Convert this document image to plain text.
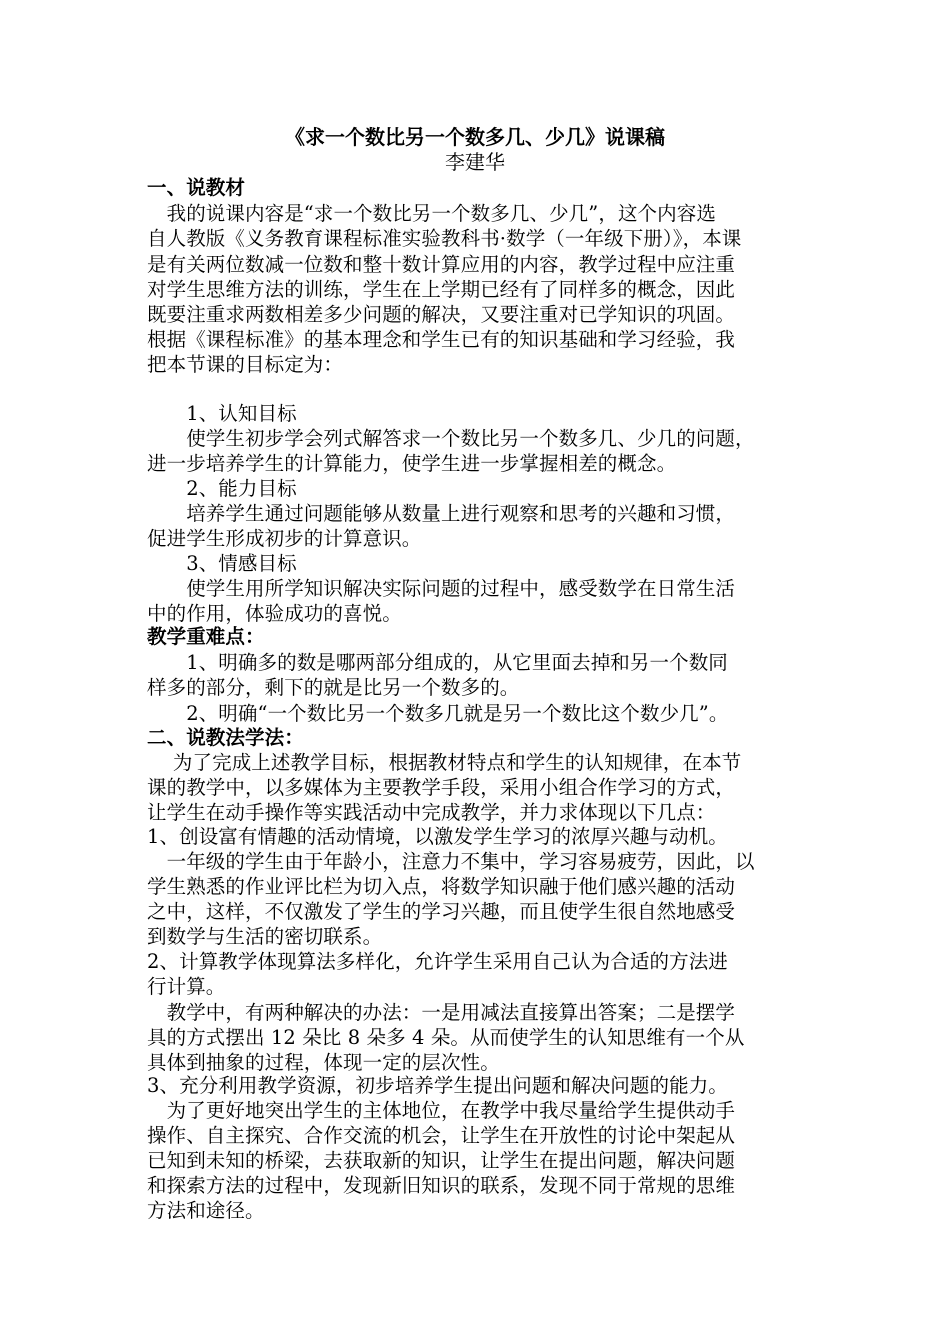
《求一个数比另一个数多几、少几》说课稿
李建华
一、说教材
　我的说课内容是“求一个数比另一个数多几、少几”，这个内容选
自人教版《义务教育课程标准实验教科书·数学（一年级下册）》，本课
是有关两位数减一位数和整十数计算应用的内容，教学过程中应注重
对学生思维方法的训练，学生在上学期已经有了同样多的概念，因此
既要注重求两数相差多少问题的解决，又要注重对已学知识的巩固。
根据《课程标准》的基本理念和学生已有的知识基础和学习经验，我
把本节课的目标定为：
　　1、认知目标
　　使学生初步学会列式解答求一个数比另一个数多几、少几的问题，
进一步培养学生的计算能力，使学生进一步掌握相差的概念。
　　2、能力目标
　　培养学生通过问题能够从数量上进行观察和思考的兴趣和习惯，
促进学生形成初步的计算意识。
　　3、情感目标
　　使学生用所学知识解决实际问题的过程中，感受数学在日常生活
中的作用，体验成功的喜悦。
教学重难点：
　　1、明确多的数是哪两部分组成的，从它里面去掉和另一个数同
样多的部分，剩下的就是比另一个数多的。
　　2、明确“一个数比另一个数多几就是另一个数比这个数少几”。
二、说教法学法：
　 为了完成上述教学目标，根据教材特点和学生的认知规律，在本节
课的教学中，以多媒体为主要教学手段，采用小组合作学习的方式，
让学生在动手操作等实践活动中完成教学，并力求体现以下几点：
1、创设富有情趣的活动情境，以激发学生学习的浓厚兴趣与动机。
　一年级的学生由于年龄小，注意力不集中，学习容易疲劳，因此，以
学生熟悉的作业评比栏为切入点，将数学知识融于他们感兴趣的活动
之中，这样，不仅激发了学生的学习兴趣，而且使学生很自然地感受
到数学与生活的密切联系。
2、计算教学体现算法多样化，允许学生采用自己认为合适的方法进
行计算。
　教学中，有两种解决的办法：一是用减法直接算出答案；二是摆学
具的方式摆出 12 朵比 8 朵多 4 朵。从而使学生的认知思维有一个从
具体到抽象的过程，体现一定的层次性。
3、充分利用教学资源，初步培养学生提出问题和解决问题的能力。
　为了更好地突出学生的主体地位，在教学中我尽量给学生提供动手
操作、自主探究、合作交流的机会，让学生在开放性的讨论中架起从
已知到未知的桥梁，去获取新的知识，让学生在提出问题，解决问题
和探索方法的过程中，发现新旧知识的联系，发现不同于常规的思维
方法和途径。
